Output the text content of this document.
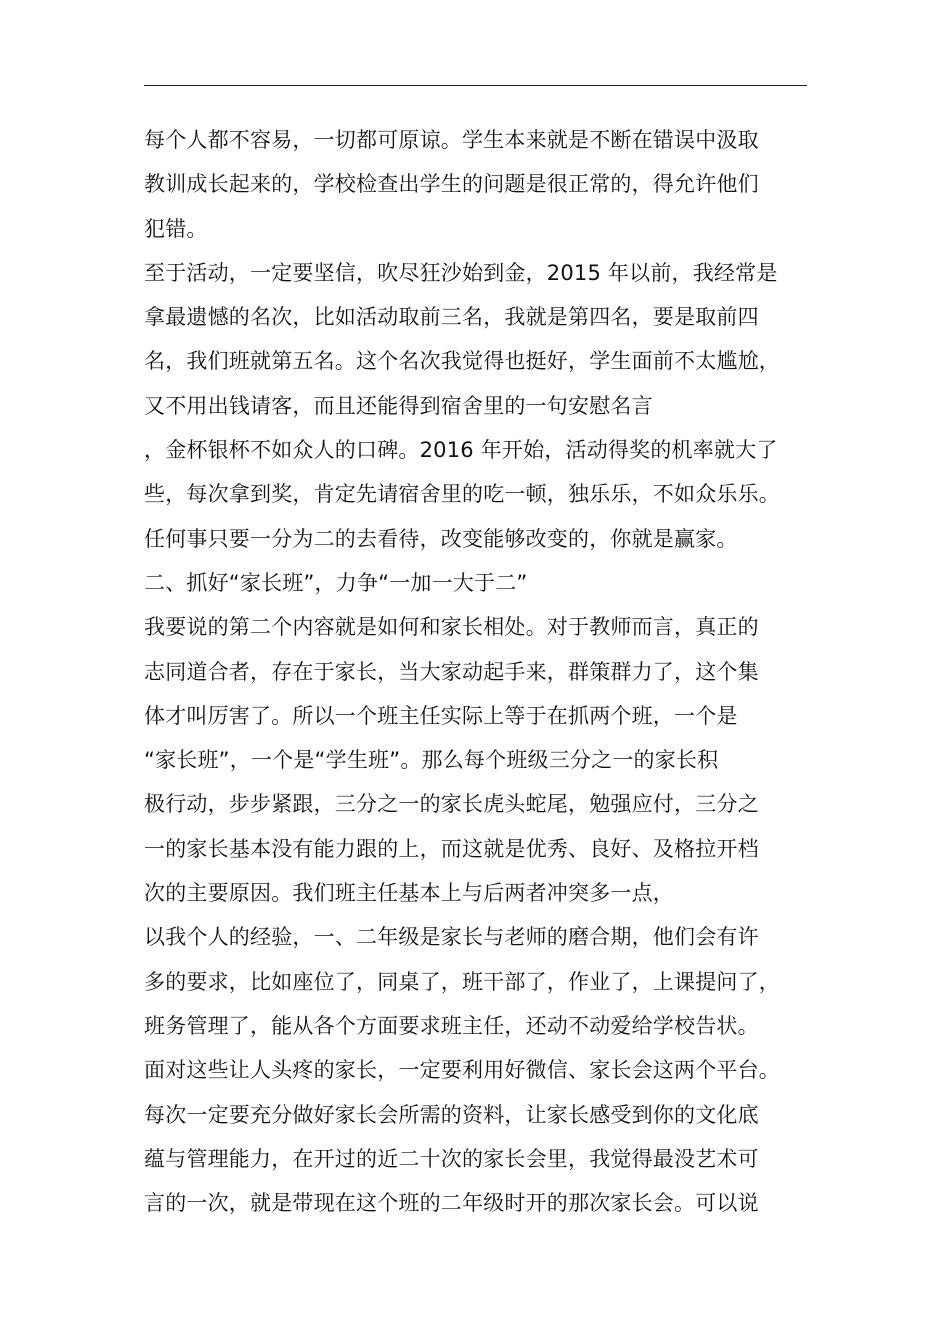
每个人都不容易，一切都可原谅。学生本来就是不断在错误中汲取
教训成长起来的，学校检查出学生的问题是很正常的，得允许他们
犯错。
至于活动，一定要坚信，吹尽狂沙始到金，2015 年以前，我经常是
拿最遗憾的名次，比如活动取前三名，我就是第四名，要是取前四
名，我们班就第五名。这个名次我觉得也挺好，学生面前不太尴尬，
又不用出钱请客，而且还能得到宿舍里的一句安慰名言
，金杯银杯不如众人的口碑。2016 年开始，活动得奖的机率就大了
些，每次拿到奖，肯定先请宿舍里的吃一顿，独乐乐，不如众乐乐。
任何事只要一分为二的去看待，改变能够改变的，你就是赢家。
二、抓好“家长班”，力争“一加一大于二”
我要说的第二个内容就是如何和家长相处。对于教师而言，真正的
志同道合者，存在于家长，当大家动起手来，群策群力了，这个集
体才叫厉害了。所以一个班主任实际上等于在抓两个班，一个是
“家长班”，一个是“学生班”。那么每个班级三分之一的家长积
极行动，步步紧跟，三分之一的家长虎头蛇尾，勉强应付，三分之
一的家长基本没有能力跟的上，而这就是优秀、良好、及格拉开档
次的主要原因。我们班主任基本上与后两者冲突多一点，
以我个人的经验，一、二年级是家长与老师的磨合期，他们会有许
多的要求，比如座位了，同桌了，班干部了，作业了，上课提问了，
班务管理了，能从各个方面要求班主任，还动不动爱给学校告状。
面对这些让人头疼的家长，一定要利用好微信、家长会这两个平台。
每次一定要充分做好家长会所需的资料，让家长感受到你的文化底
蕴与管理能力，在开过的近二十次的家长会里，我觉得最没艺术可
言的一次，就是带现在这个班的二年级时开的那次家长会。可以说
